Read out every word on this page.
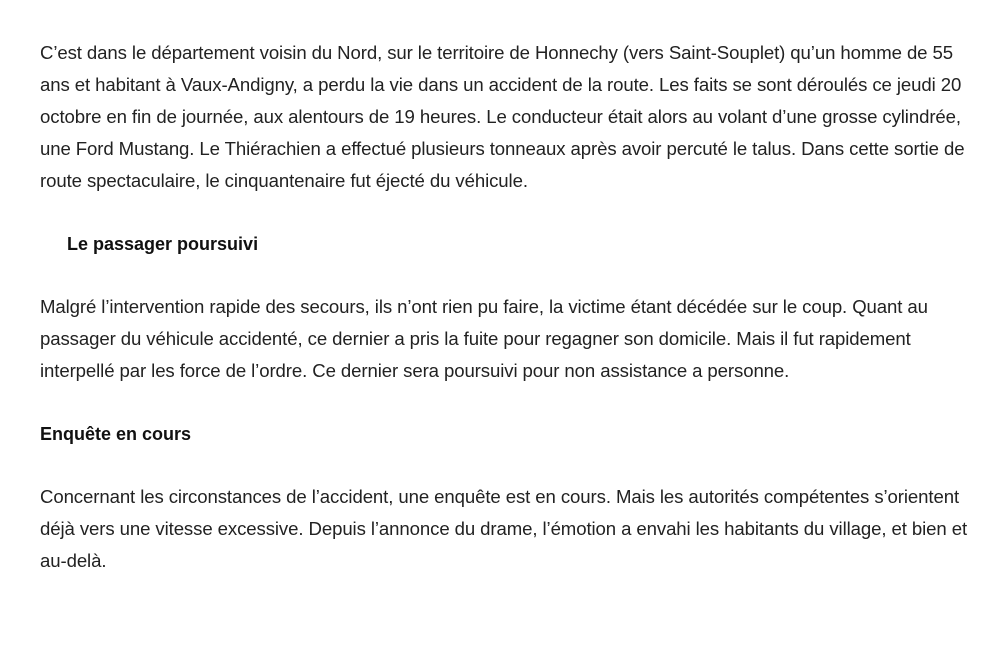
C’est dans le département voisin du Nord, sur le territoire de Honnechy (vers Saint-Souplet) qu’un homme de 55 ans et habitant à Vaux-Andigny, a perdu la vie dans un accident de la route. Les faits se sont déroulés ce jeudi 20 octobre en fin de journée, aux alentours de 19 heures. Le conducteur était alors au volant d’une grosse cylindrée, une Ford Mustang. Le Thiérachien a effectué plusieurs tonneaux après avoir percuté le talus. Dans cette sortie de route spectaculaire, le cinquantenaire fut éjecté du véhicule.

Le passager poursuivi

Malgré l’intervention rapide des secours, ils n’ont rien pu faire, la victime étant décédée sur le coup. Quant au passager du véhicule accidenté, ce dernier a pris la fuite pour regagner son domicile. Mais il fut rapidement interpellé par les force de l’ordre. Ce dernier sera poursuivi pour non assistance a personne.

Enquête en cours

Concernant les circonstances de l’accident, une enquête est en cours. Mais les autorités compétentes s’orientent déjà vers une vitesse excessive. Depuis l’annonce du drame, l’émotion a envahi les habitants du village, et bien et au-delà.
